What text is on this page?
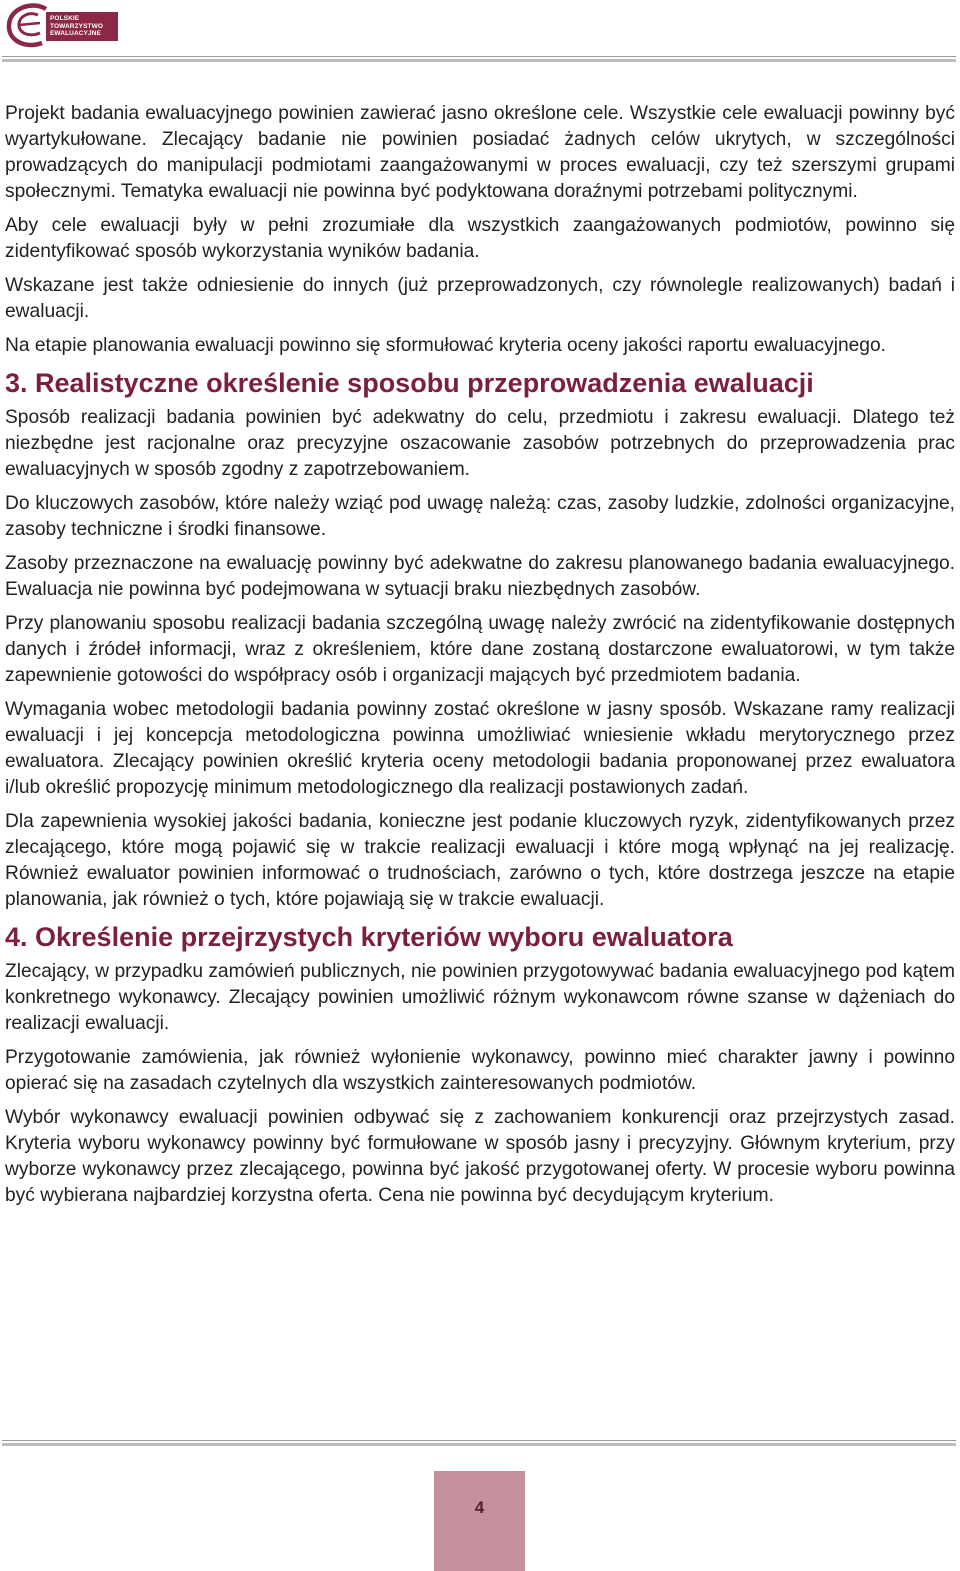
POLSKIE
TOWARZYSTWO
EWALUACYJNE

Projekt badania ewaluacyjnego powinien zawierać jasno określone cele. Wszystkie cele ewaluacji powinny być wyartykułowane. Zlecający badanie nie powinien posiadać żadnych celów ukrytych, w szczególności prowadzących do manipulacji podmiotami zaangażowanymi w proces ewaluacji, czy też szerszymi grupami społecznymi. Tematyka ewaluacji nie powinna być podyktowana doraźnymi potrzebami politycznymi.

Aby cele ewaluacji były w pełni zrozumiałe dla wszystkich zaangażowanych podmiotów, powinno się zidentyfikować sposób wykorzystania wyników badania.

Wskazane jest także odniesienie do innych (już przeprowadzonych, czy równolegle realizowanych) badań i ewaluacji.

Na etapie planowania ewaluacji powinno się sformułować kryteria oceny jakości raportu ewaluacyjnego.

3. Realistyczne określenie sposobu przeprowadzenia ewaluacji

Sposób realizacji badania powinien być adekwatny do celu, przedmiotu i zakresu ewaluacji. Dlatego też niezbędne jest racjonalne oraz precyzyjne oszacowanie zasobów potrzebnych do przeprowadzenia prac ewaluacyjnych w sposób zgodny z zapotrzebowaniem.

Do kluczowych zasobów, które należy wziąć pod uwagę należą: czas, zasoby ludzkie, zdolności organizacyjne, zasoby techniczne i środki finansowe.

Zasoby przeznaczone na ewaluację powinny być adekwatne do zakresu planowanego badania ewaluacyjnego. Ewaluacja nie powinna być podejmowana w sytuacji braku niezbędnych zasobów.

Przy planowaniu sposobu realizacji badania szczególną uwagę należy zwrócić na zidentyfikowanie dostępnych danych i źródeł informacji, wraz z określeniem, które dane zostaną dostarczone ewaluatorowi, w tym także zapewnienie gotowości do współpracy osób i organizacji mających być przedmiotem badania.

Wymagania wobec metodologii badania powinny zostać określone w jasny sposób. Wskazane ramy realizacji ewaluacji i jej koncepcja metodologiczna powinna umożliwiać wniesienie wkładu merytorycznego przez ewaluatora. Zlecający powinien określić kryteria oceny metodologii badania proponowanej przez ewaluatora i/lub określić propozycję minimum metodologicznego dla realizacji postawionych zadań.

Dla zapewnienia wysokiej jakości badania, konieczne jest podanie kluczowych ryzyk, zidentyfikowanych przez zlecającego, które mogą pojawić się w trakcie realizacji ewaluacji i które mogą wpłynąć na jej realizację. Również ewaluator powinien informować o trudnościach, zarówno o tych, które dostrzega jeszcze na etapie planowania, jak również o tych, które pojawiają się w trakcie ewaluacji.

4. Określenie przejrzystych kryteriów wyboru ewaluatora

Zlecający, w przypadku zamówień publicznych, nie powinien przygotowywać badania ewaluacyjnego pod kątem konkretnego wykonawcy. Zlecający powinien umożliwić różnym wykonawcom równe szanse w dążeniach do realizacji ewaluacji.

Przygotowanie zamówienia, jak również wyłonienie wykonawcy, powinno mieć charakter jawny i powinno opierać się na zasadach czytelnych dla wszystkich zainteresowanych podmiotów.

Wybór wykonawcy ewaluacji powinien odbywać się z zachowaniem konkurencji oraz przejrzystych zasad. Kryteria wyboru wykonawcy powinny być formułowane w sposób jasny i precyzyjny. Głównym kryterium, przy wyborze wykonawcy przez zlecającego, powinna być jakość przygotowanej oferty. W procesie wyboru powinna być wybierana najbardziej korzystna oferta. Cena nie powinna być decydującym kryterium.

4
